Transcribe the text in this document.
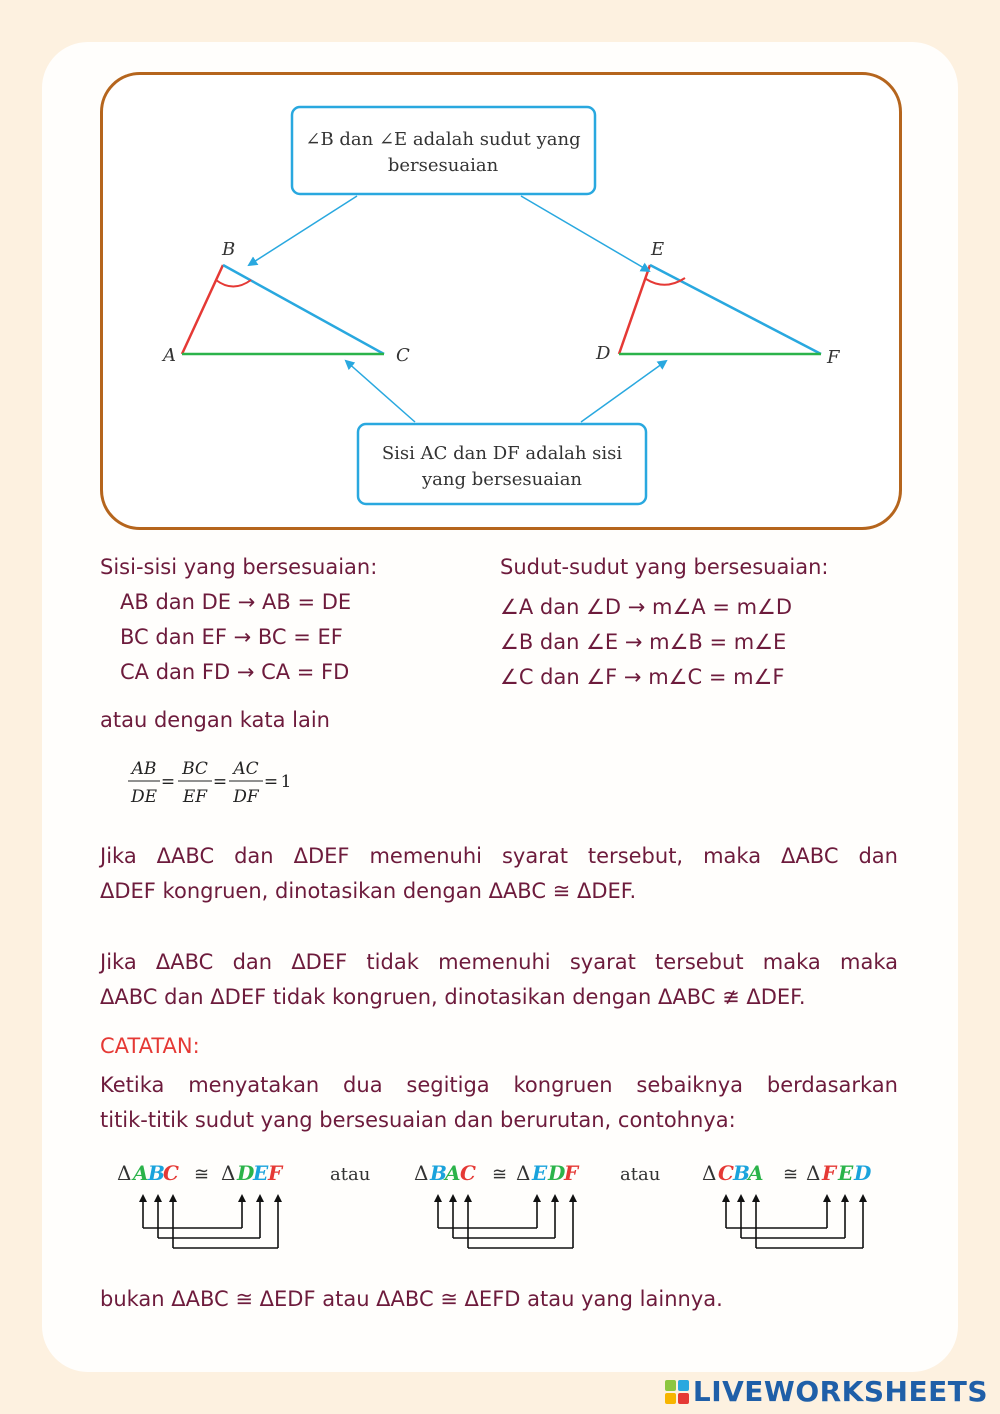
∠B dan ∠E adalah sudut yang
bersesuaian
Sisi AC dan DF adalah sisi
yang bersesuaian
A
B
C	D
E
F

Sisi-sisi yang bersesuaian:

AB dan DE → AB = DE

BC dan EF → BC = EF

CA dan FD → CA = FD

Sudut-sudut yang bersesuaian:

∠A dan ∠D → m∠A = m∠D

∠B dan ∠E → m∠B = m∠E

∠C dan ∠F → m∠C = m∠F

atau dengan kata lain

AB
DE
=
BC
EF
=
AC
DF
= 1

Jika ΔABC dan ΔDEF memenuhi syarat tersebut, maka ΔABC dan

ΔDEF kongruen, dinotasikan dengan ΔABC ≅ ΔDEF.

Jika ΔABC dan ΔDEF tidak memenuhi syarat tersebut maka maka

ΔABC dan ΔDEF tidak kongruen, dinotasikan dengan ΔABC ≇ ΔDEF.

CATATAN:

Ketika menyatakan dua segitiga kongruen sebaiknya berdasarkan

titik-titik sudut yang bersesuaian dan berurutan, contohnya:

Δ A B
C ≅ Δ D
E F	atau Δ B
A C ≅ Δ E D
F atau Δ C B
A ≅ Δ F E D

bukan ΔABC ≅ ΔEDF atau ΔABC ≅ ΔEFD atau yang lainnya.

LIVEWORKSHEETS
